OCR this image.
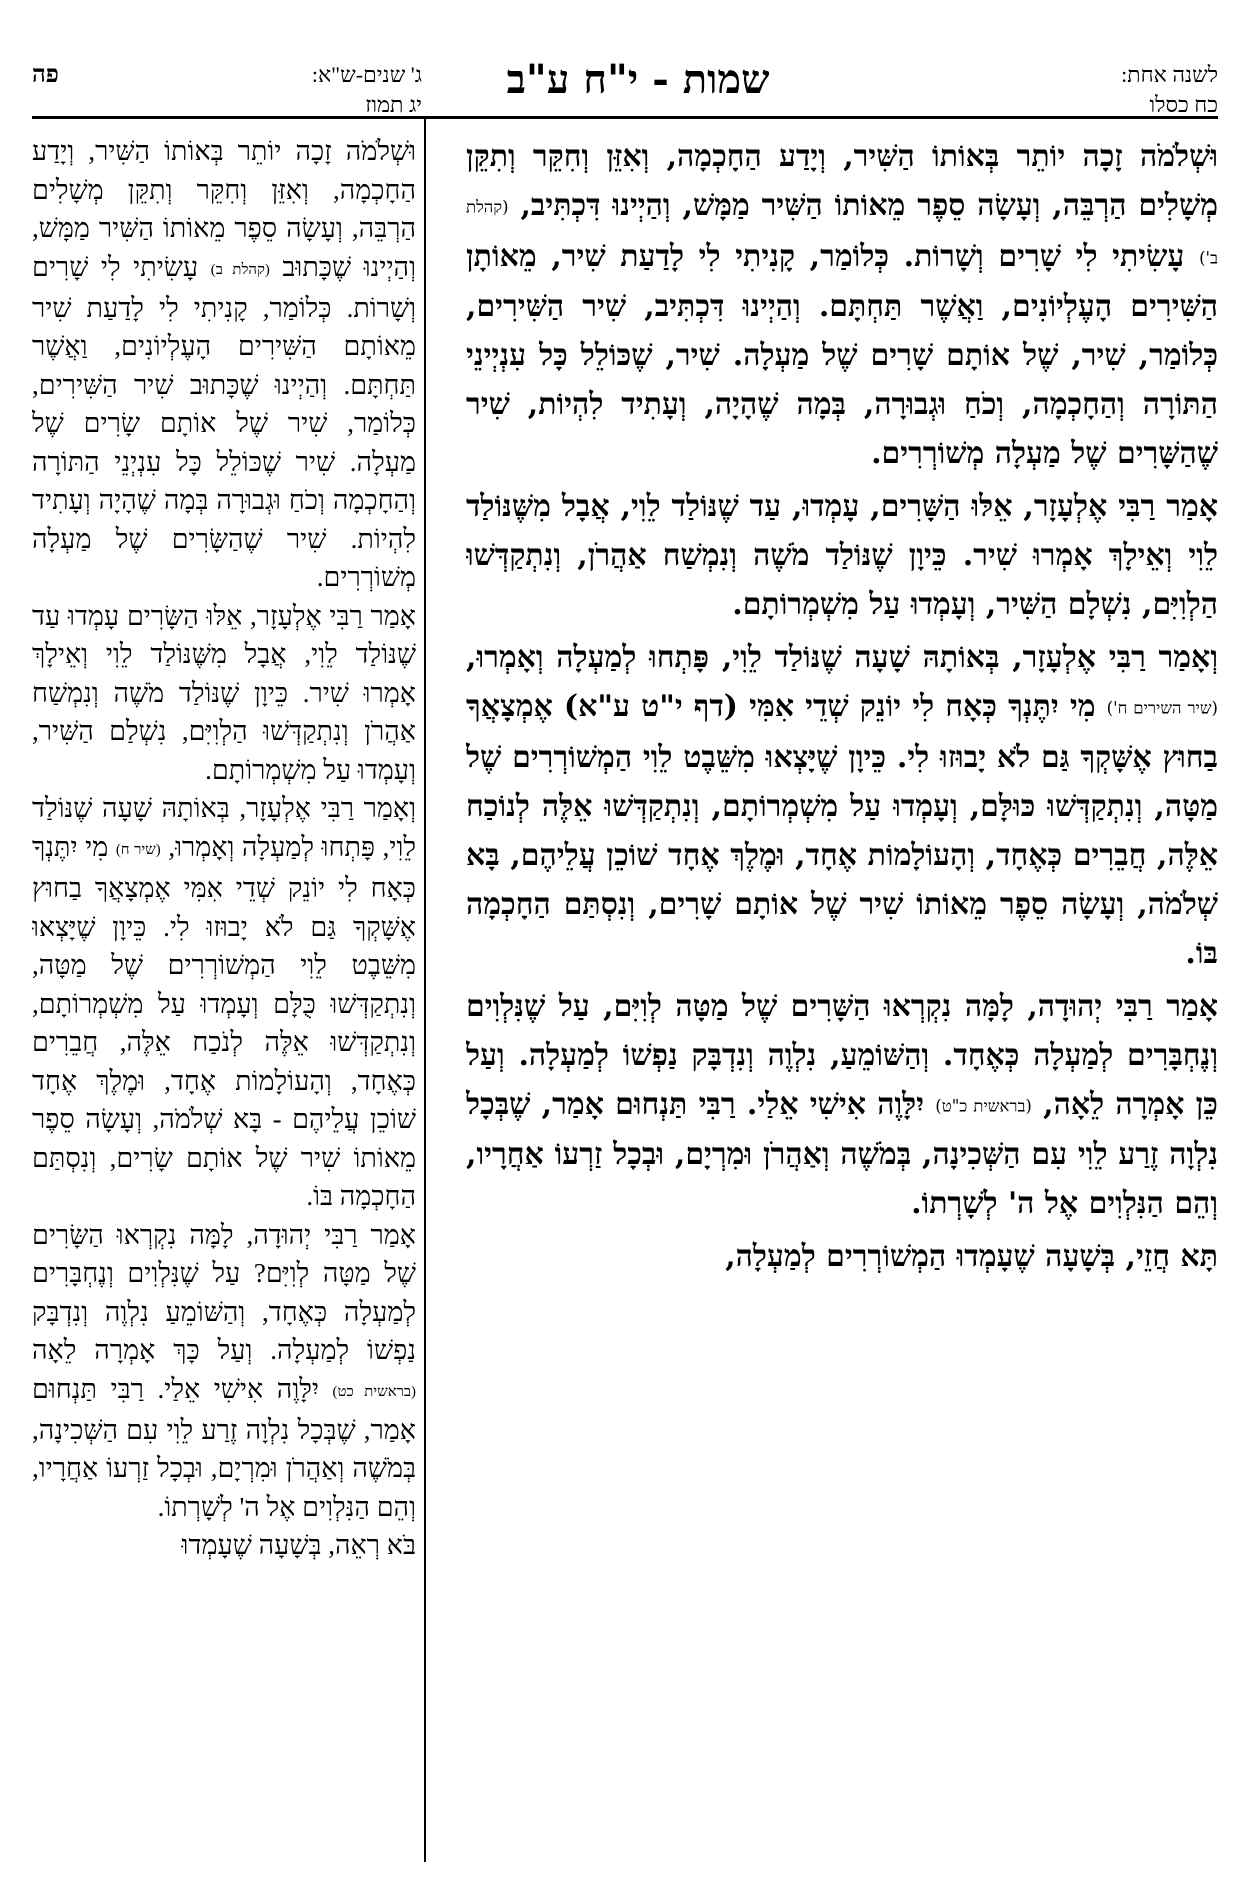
לשנה אחת:
כח כסלו
שמות - י"ח ע"ב
ג' שנים-ש"א:
פה
יג תמוז

וּשְׁלֹמֹה זָכָה יוֹתֵר בְּאוֹתוֹ הַשִּׁיר, וְיָדַע הַחָכְמָה, וְאִזֵּן וְחִקֵּר וְתִקֵּן מְשָׁלִים הַרְבֵּה, וְעָשָׂה סֵפֶר מֵאוֹתוֹ הַשִּׁיר מַמָּשׁ, וְהַיְינוּ דִּכְתִּיב, (קהלת ב') עָשִׂיתִי לִי שָׁרִים וְשָׁרוֹת. כְּלוֹמַר, קָנִיתִי לִי לָדַעַת שִׁיר, מֵאוֹתָן הַשִּׁירִים הָעֶלְיוֹנִים, וַאֲשֶׁר תַּחְתָּם. וְהַיְינוּ דִּכְתִּיב, שִׁיר הַשִּׁירִים, כְּלוֹמַר, שִׁיר, שֶׁל אוֹתָם שָׁרִים שֶׁל מַעְלָה. שִׁיר, שֶׁכּוֹלֵל כָּל עִנְיְינֵי הַתּוֹרָה וְהַחָכְמָה, וְכֹחַ וּגְבוּרָה, בְּמָה שֶׁהָיָה, וְעָתִיד לִהְיוֹת, שִׁיר שֶׁהַשָּׁרִים שֶׁל מַעְלָה מְשׁוֹרְרִים.

אָמַר רַבִּי אֶלְעָזָר, אֵלּוּ הַשָּׁרִים, עָמְדוּ, עַד שֶׁנּוֹלַד לֵוִי, אֲבָל מִשֶּׁנּוֹלַד לֵוִי וְאֵילָךְ אָמְרוּ שִׁיר. כֵּיוָן שֶׁנּוֹלַד מֹשֶׁה וְנִמְשַׁח אַהֲרֹן, וְנִתְקַדְּשׁוּ הַלְוִיִּם, נִשְׁלָם הַשִּׁיר, וְעָמְדוּ עַל מִשְׁמְרוֹתָם.

וְאָמַר רַבִּי אֶלְעָזָר, בְּאוֹתָהּ שָׁעָה שֶׁנּוֹלַד לֵוִי, פָּתְחוּ לְמַעְלָה וְאָמְרוּ, (שיר השירים ח') מִי יִתֶּנְךָ כְּאָח לִי יוֹנֵק שְׁדֵי אִמִּי (דף י"ט ע"א) אֶמְצָאֲךָ בַחוּץ אֶשָּׁקְךָ גַּם לֹא יָבוּזוּ לִי. כֵּיוָן שֶׁיָּצְאוּ מִשֵּׁבֶט לֵוִי הַמְשׁוֹרְרִים שֶׁל מַטָּה, וְנִתְקַדְּשׁוּ כּוּלָּם, וְעָמְדוּ עַל מִשְׁמְרוֹתָם, וְנִתְקַדְּשׁוּ אֵלֶּה לְנוֹכַח אֵלֶּה, חֲבֵרִים כְּאֶחָד, וְהָעוֹלָמוֹת אֶחָד, וּמֶלֶךְ אֶחָד שׁוֹכֵן עֲלֵיהֶם, בָּא שְׁלֹמֹה, וְעָשָׂה סֵפֶר מֵאוֹתוֹ שִׁיר שֶׁל אוֹתָם שָׁרִים, וְנִסְתַּם הַחָכְמָה בּוֹ.

אָמַר רַבִּי יְהוּדָה, לָמָּה נִקְרְאוּ הַשָּׁרִים שֶׁל מַטָּה לְוִיִּם, עַל שֶׁנִּלְוִים וְנֶחְבָּרִים לְמַעְלָה כְּאֶחָד. וְהַשּׁוֹמֵעַ, נִלְוֶה וְנִדְבָּק נַפְשׁוֹ לְמַעְלָה. וְעַל כֵּן אָמְרָה לֵאָה, (בראשית כ"ט) יִלָּוֶה אִישִׁי אֵלַי. רַבִּי תַּנְחוּם אָמַר, שֶׁבְּכָל נִלְוָה זֶרַע לֵוִי עִם הַשְּׁכִינָה, בְּמֹשֶׁה וְאַהֲרֹן וּמִרְיָם, וּבְכָל זַרְעוֹ אַחֲרָיו, וְהֵם הַנִּלְוִים אֶל ה' לְשָׁרְתוֹ.

תָּא חֲזֵי, בְּשָׁעָה שֶׁעָמְדוּ הַמְשׁוֹרְרִים לְמַעְלָה,

וּשְׁלֹמֹה זָכָה יוֹתֵר בְּאוֹתוֹ הַשִּׁיר, וְיָדַע הַחָכְמָה, וְאִזֵּן וְחִקֵּר וְתִקֵּן מְשָׁלִים הַרְבֵּה, וְעָשָׂה סֵפֶר מֵאוֹתוֹ הַשִּׁיר מַמָּשׁ, וְהַיְינוּ שֶׁכָּתוּב (קהלת ב) עָשִׂיתִי לִי שָׁרִים וְשָׁרוֹת. כְּלוֹמַר, קָנִיתִי לִי לָדַעַת שִׁיר מֵאוֹתָם הַשִּׁירִים הָעֶלְיוֹנִים, וַאֲשֶׁר תַּחְתָּם. וְהַיְינוּ שֶׁכָּתוּב שִׁיר הַשִּׁירִים, כְּלוֹמַר, שִׁיר שֶׁל אוֹתָם שָׂרִים שֶׁל מַעְלָה. שִׁיר שֶׁכּוֹלֵל כָּל עִנְיְנֵי הַתּוֹרָה וְהַחָכְמָה וְכֹחַ וּגְבוּרָה בְּמָה שֶׁהָיָה וְעָתִיד לִהְיוֹת. שִׁיר שֶׁהַשָּׂרִים שֶׁל מַעְלָה מְשׁוֹרְרִים.

אָמַר רַבִּי אֶלְעָזָר, אֵלּוּ הַשָּׂרִים עָמְדוּ עַד שֶׁנּוֹלַד לֵוִי, אֲבָל מִשֶּׁנּוֹלַד לֵוִי וְאֵילָךְ אָמְרוּ שִׁיר. כֵּיוָן שֶׁנּוֹלַד מֹשֶׁה וְנִמְשַׁח אַהֲרֹן וְנִתְקַדְּשׁוּ הַלְוִיִּם, נִשְׁלַם הַשִּׁיר, וְעָמְדוּ עַל מִשְׁמְרוֹתָם.

וְאָמַר רַבִּי אֶלְעָזָר, בְּאוֹתָהּ שָׁעָה שֶׁנּוֹלַד לֵוִי, פָּתְחוּ לְמַעְלָה וְאָמְרוּ, (שיר ח) מִי יִתֶּנְךָ כְּאָח לִי יוֹנֵק שְׁדֵי אִמִּי אֶמְצָאֲךָ בַחוּץ אֶשָּׁקְךָ גַּם לֹא יָבוּזוּ לִי. כֵּיוָן שֶׁיָּצְאוּ מִשֵּׁבֶט לֵוִי הַמְשׁוֹרְרִים שֶׁל מַטָּה, וְנִתְקַדְּשׁוּ כֻּלָּם וְעָמְדוּ עַל מִשְׁמְרוֹתָם, וְנִתְקַדְּשׁוּ אֵלֶּה לְנֹכַח אֵלֶּה, חֲבֵרִים כְּאֶחָד, וְהָעוֹלָמוֹת אֶחָד, וּמֶלֶךְ אֶחָד שׁוֹכֵן עֲלֵיהֶם - בָּא שְׁלֹמֹה, וְעָשָׂה סֵפֶר מֵאוֹתוֹ שִׁיר שֶׁל אוֹתָם שָׂרִים, וְנִסְתַּם הַחָכְמָה בּוֹ.

אָמַר רַבִּי יְהוּדָה, לָמָּה נִקְרְאוּ הַשָּׂרִים שֶׁל מַטָּה לְוִיִּם? עַל שֶׁנִּלְוִים וְנֶחְבָּרִים לְמַעְלָה כְּאֶחָד, וְהַשּׁוֹמֵעַ נִלְוֶה וְנִדְבָּק נַפְשׁוֹ לְמַעְלָה. וְעַל כָּךְ אָמְרָה לֵאָה (בראשית כט) יִלָּוֶה אִישִׁי אֵלַי. רַבִּי תַּנְחוּם אָמַר, שֶׁבְּכָל נִלְוָה זֶרַע לֵוִי עִם הַשְּׁכִינָה, בְּמֹשֶׁה וְאַהֲרֹן וּמִרְיָם, וּבְכָל זַרְעוֹ אַחֲרָיו, וְהֵם הַנִּלְוִים אֶל ה' לְשָׁרְתוֹ.

בֹּא רְאֵה, בְּשָׁעָה שֶׁעָמְדוּ
